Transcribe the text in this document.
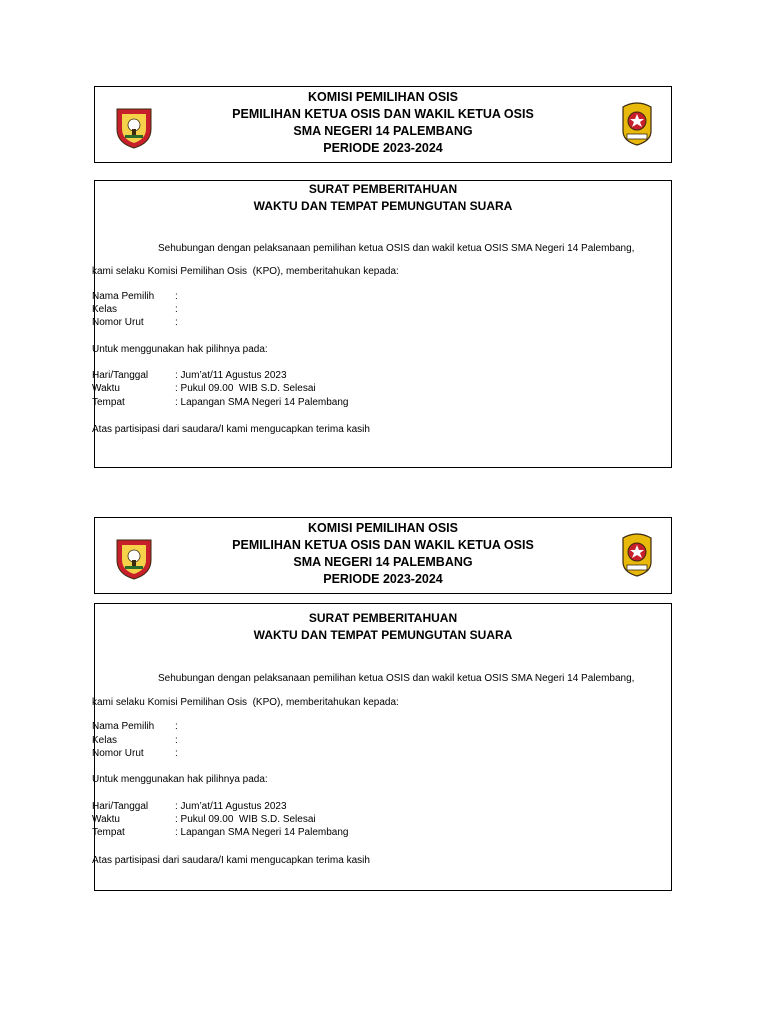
KOMISI PEMILIHAN OSIS
PEMILIHAN KETUA OSIS DAN WAKIL KETUA OSIS
SMA NEGERI 14 PALEMBANG
PERIODE 2023-2024
SURAT PEMBERITAHUAN
WAKTU DAN TEMPAT PEMUNGUTAN SUARA
Sehubungan dengan pelaksanaan pemilihan ketua OSIS dan wakil ketua OSIS SMA Negeri 14 Palembang,
kami selaku Komisi Pemilihan Osis  (KPO), memberitahukan kepada:
Nama Pemilih :
Kelas	:
Nomor Urut	:
Untuk menggunakan hak pilihnya pada:
Hari/Tanggal	: Jum’at/11 Agustus 2023
Waktu	: Pukul 09.00  WIB S.D. Selesai
Tempat	: Lapangan SMA Negeri 14 Palembang
Atas partisipasi dari saudara/I kami mengucapkan terima kasih
KOMISI PEMILIHAN OSIS
PEMILIHAN KETUA OSIS DAN WAKIL KETUA OSIS
SMA NEGERI 14 PALEMBANG
PERIODE 2023-2024
SURAT PEMBERITAHUAN
WAKTU DAN TEMPAT PEMUNGUTAN SUARA
Sehubungan dengan pelaksanaan pemilihan ketua OSIS dan wakil ketua OSIS SMA Negeri 14 Palembang,
kami selaku Komisi Pemilihan Osis  (KPO), memberitahukan kepada:
Nama Pemilih :
Kelas	:
Nomor Urut	:
Untuk menggunakan hak pilihnya pada:
Hari/Tanggal	: Jum’at/11 Agustus 2023
Waktu	: Pukul 09.00  WIB S.D. Selesai
Tempat	: Lapangan SMA Negeri 14 Palembang
Atas partisipasi dari saudara/I kami mengucapkan terima kasih
